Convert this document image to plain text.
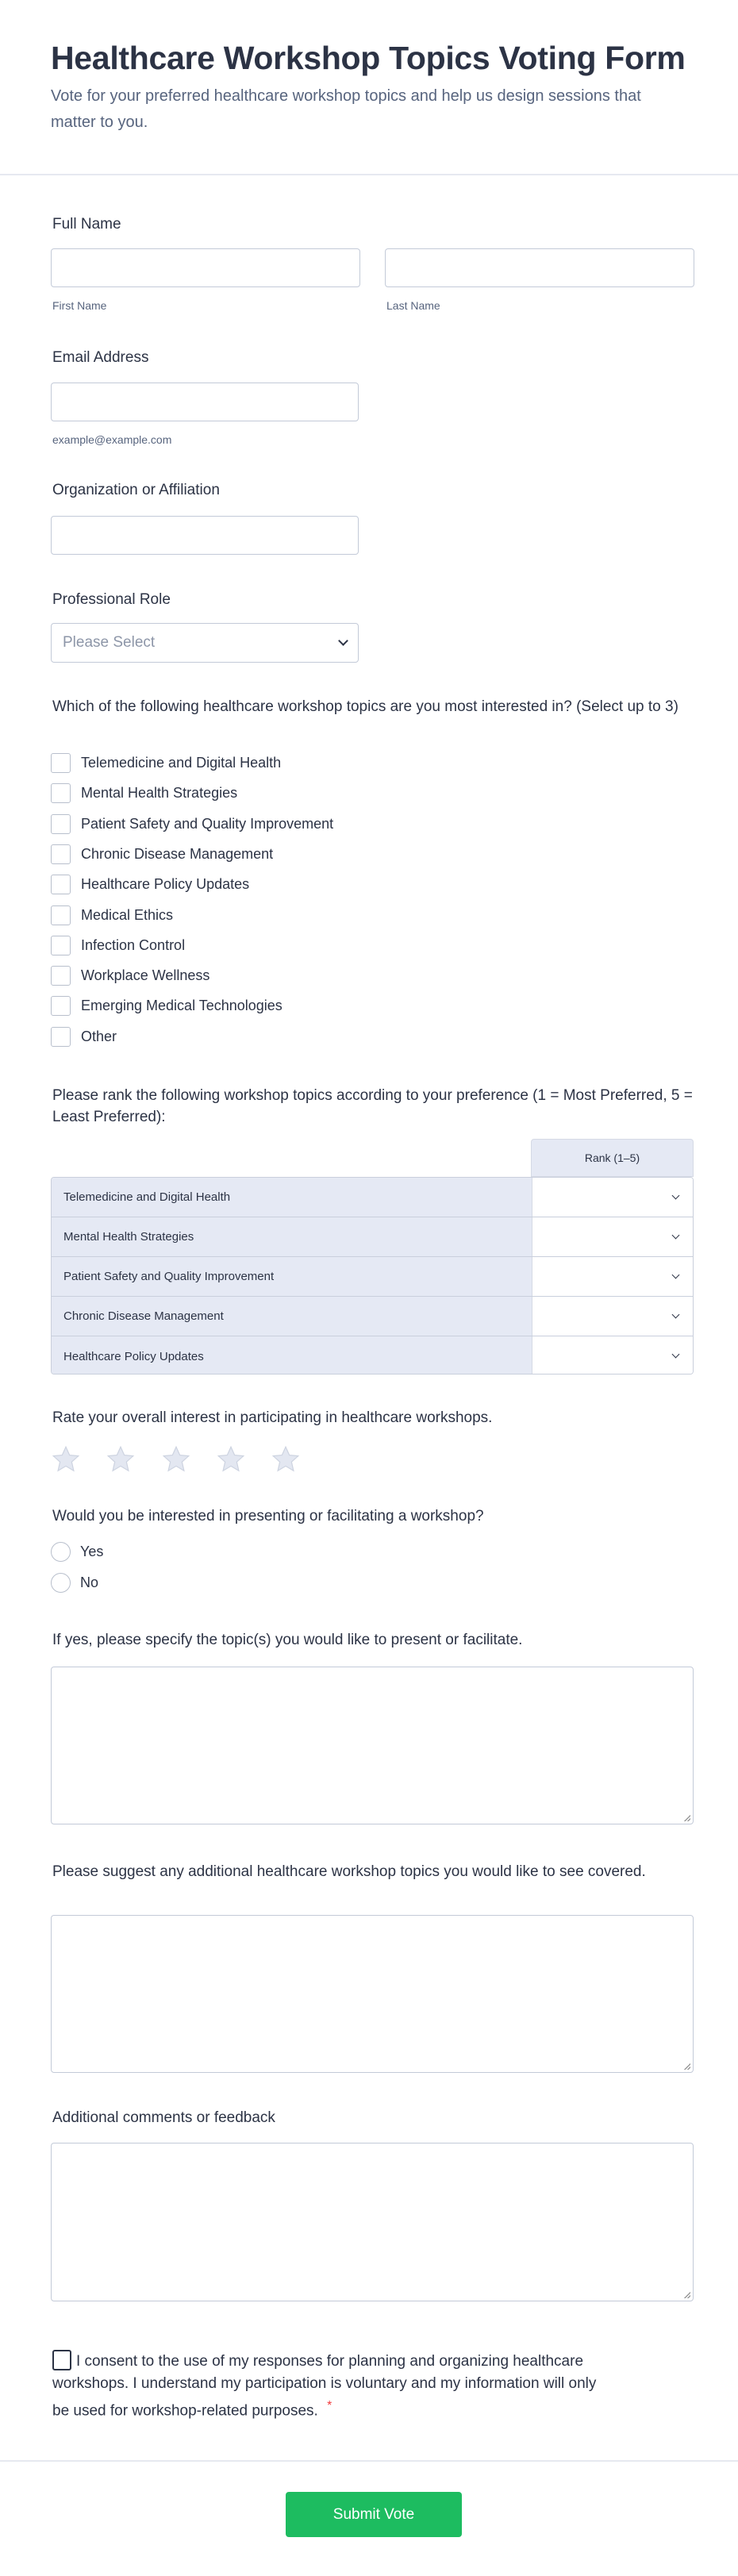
Healthcare Workshop Topics Voting Form
Vote for your preferred healthcare workshop topics and help us design sessions that matter to you.
Full Name
First Name	Last Name
Email Address
example@example.com
Organization or Affiliation
Professional Role
Please Select
Which of the following healthcare workshop topics are you most interested in? (Select up to 3)
Telemedicine and Digital Health
Mental Health Strategies
Patient Safety and Quality Improvement
Chronic Disease Management
Healthcare Policy Updates
Medical Ethics
Infection Control
Workplace Wellness
Emerging Medical Technologies
Other
Please rank the following workshop topics according to your preference (1 = Most Preferred, 5 = Least Preferred):
Rank (1–5)
Telemedicine and Digital Health
Mental Health Strategies
Patient Safety and Quality Improvement
Chronic Disease Management
Healthcare Policy Updates
Rate your overall interest in participating in healthcare workshops.
Would you be interested in presenting or facilitating a workshop?
Yes
No
If yes, please specify the topic(s) you would like to present or facilitate.
Please suggest any additional healthcare workshop topics you would like to see covered.
Additional comments or feedback
I consent to the use of my responses for planning and organizing healthcare workshops. I understand my participation is voluntary and my information will only be used for workshop-related purposes. *
Submit Vote
